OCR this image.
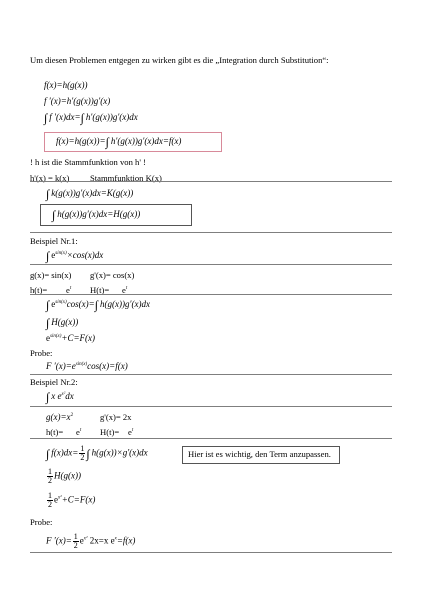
Um diesen Problemen entgegen zu wirken gibt es die „Integration durch Substitution“:
f(x)=h(g(x))
f ′(x)=h′(g(x))g′(x)
∫ f ′(x)dx=∫ h′(g(x))g′(x)dx
f(x)=h(g(x))=∫ h′(g(x))g′(x)dx=f(x)
! h ist die Stammfunktion von h' !
h'(x) = k(x) Stammfunktion K(x)
∫ k(g(x))g′(x)dx=K(g(x))
∫ h(g(x))g′(x)dx=H(g(x))
Beispiel Nr.1:
∫ $e^{sin(x)}\times\cos(x)dx$
g(x)= sin(x) g'(x)= cos(x)
$h(t)= e^t$ $H(t)= e^t$
∫ $e^{sin(x)}\cos(x)=\int$ h(g(x))g′(x)dx
∫ H(g(x))
$e^{sin(x)}+C=F(x)$
Probe:
F $'(x)=e^{sin(x)}\cos(x)=f(x)$
Beispiel Nr.2:
∫ x $e^{x^2}dx$
$g(x)=x^2$	g'(x)= 2x
$h(t)= e^t$ $H(t)= e^t$
∫ $f(x)dx= \frac{1}{2}$ ∫ h(g(x))×g′(x)dx	Hier ist es wichtig, den Term anzupassen.
$\frac{1}{2} H(g(x))$
$\frac{1}{2} e^{x^2}+C=F(x)$
Probe:
F $'(x)= \frac{1}{2} e^{x^2}$ 2x=x $e^x=f(x)$
